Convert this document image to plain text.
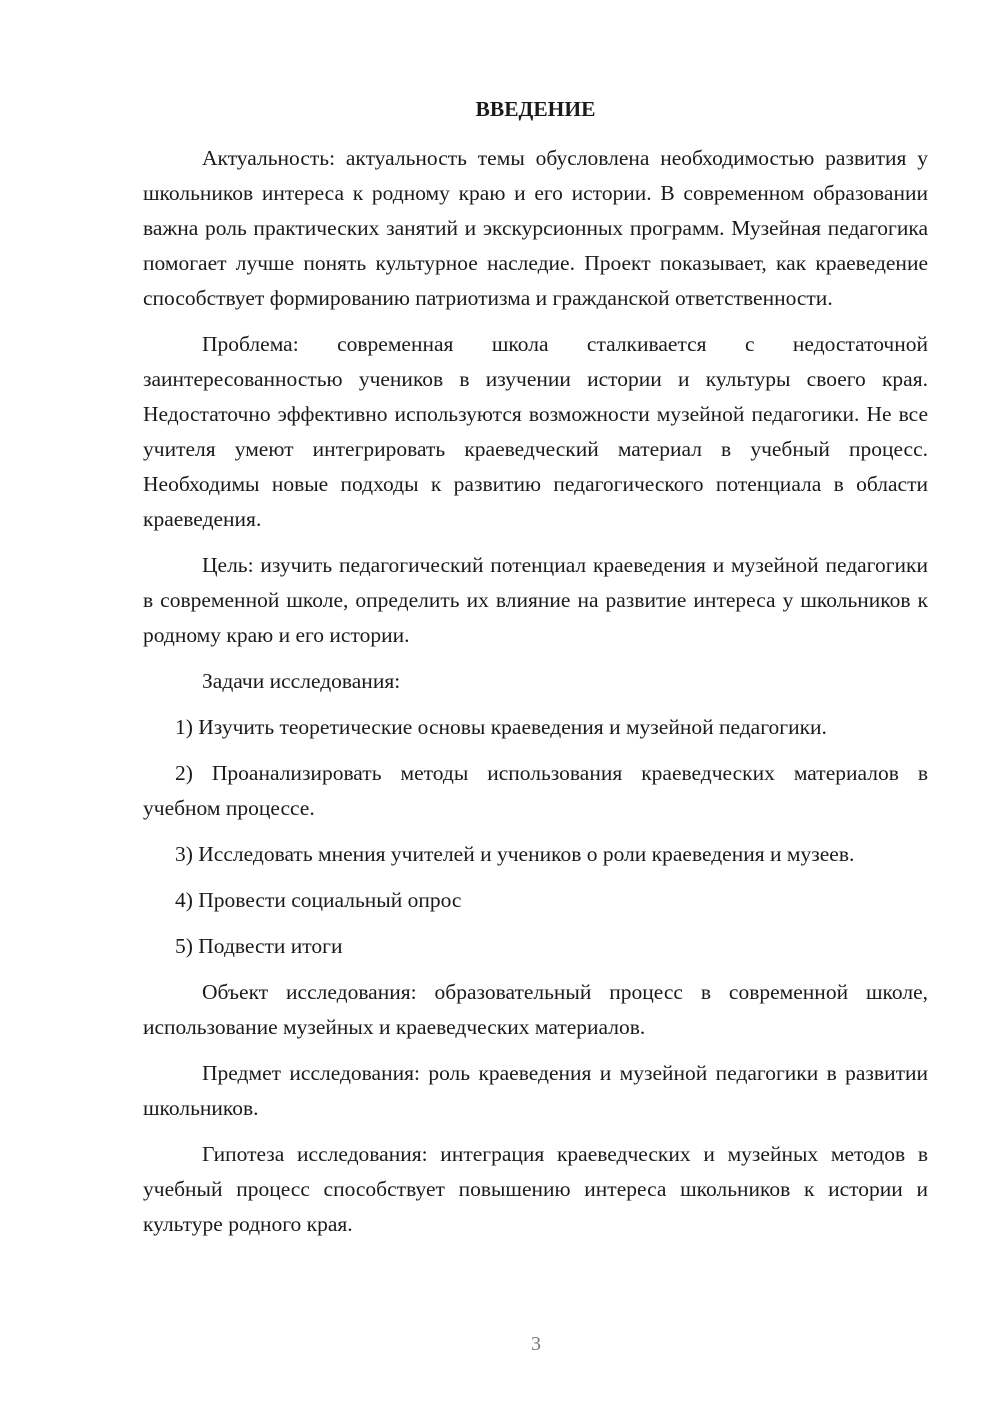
ВВЕДЕНИЕ

Актуальность: актуальность темы обусловлена необходимостью развития у школьников интереса к родному краю и его истории. В современном образовании важна роль практических занятий и экскурсионных программ. Музейная педагогика помогает лучше понять культурное наследие. Проект показывает, как краеведение способствует формированию патриотизма и гражданской ответственности.

Проблема: современная школа сталкивается с недостаточной заинтересованностью учеников в изучении истории и культуры своего края. Недостаточно эффективно используются возможности музейной педагогики. Не все учителя умеют интегрировать краеведческий материал в учебный процесс. Необходимы новые подходы к развитию педагогического потенциала в области краеведения.

Цель: изучить педагогический потенциал краеведения и музейной педагогики в современной школе, определить их влияние на развитие интереса у школьников к родному краю и его истории.

Задачи исследования:

1) Изучить теоретические основы краеведения и музейной педагогики.

2) Проанализировать методы использования краеведческих материалов в учебном процессе.

3) Исследовать мнения учителей и учеников о роли краеведения и музеев.

4) Провести социальный опрос

5) Подвести итоги

Объект исследования: образовательный процесс в современной школе, использование музейных и краеведческих материалов.

Предмет исследования: роль краеведения и музейной педагогики в развитии школьников.

Гипотеза исследования: интеграция краеведческих и музейных методов в учебный процесс способствует повышению интереса школьников к истории и культуре родного края.

3
